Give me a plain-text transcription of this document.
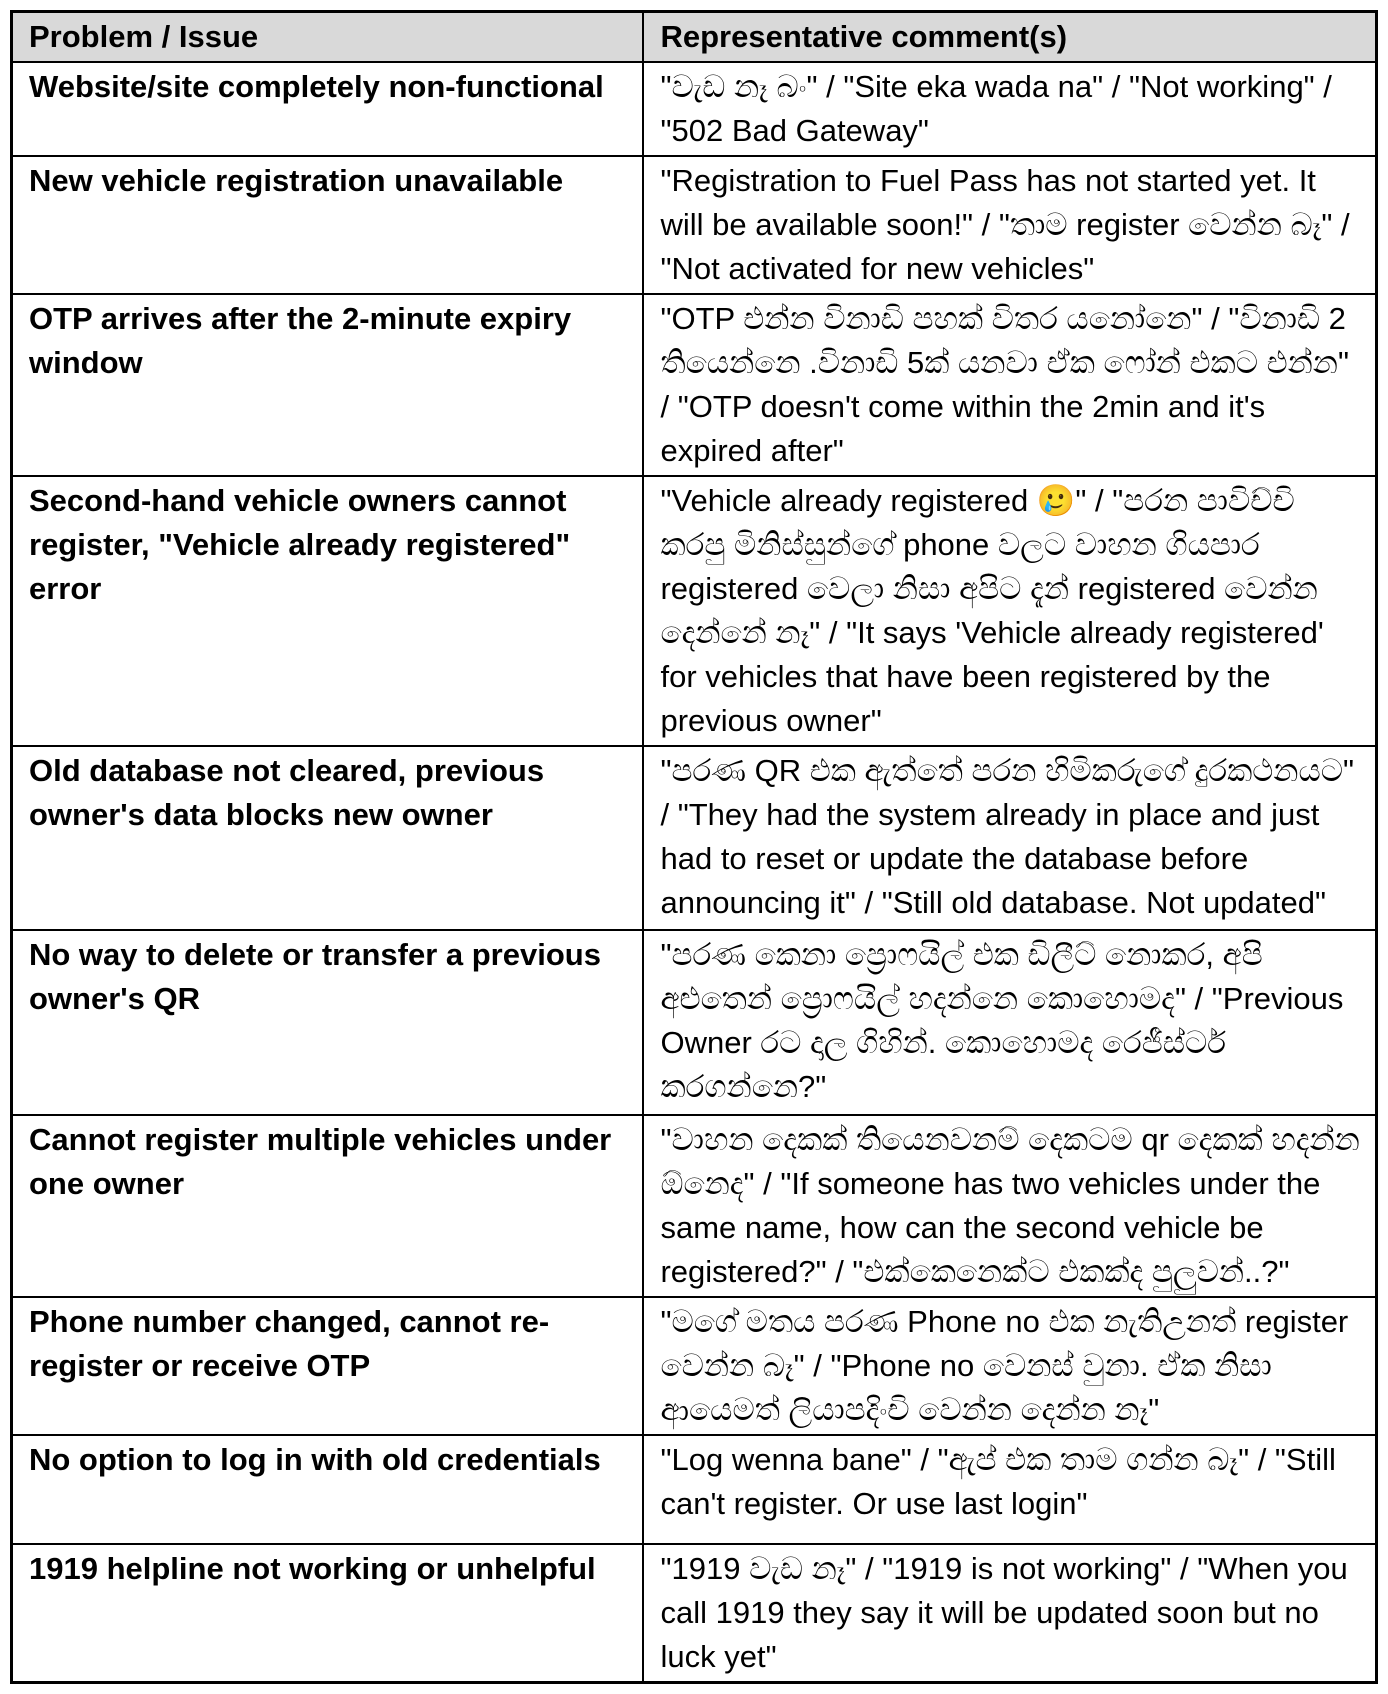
Problem / Issue	Representative comment(s)
Website/site completely non-functional	"වැඩ නෑ බං" / "Site eka wada na" / "Not working" / "502 Bad Gateway"
New vehicle registration unavailable	"Registration to Fuel Pass has not started yet. It will be available soon!" / "තාම register වෙන්න බෑ" / "Not activated for new vehicles"
OTP arrives after the 2-minute expiry window	"OTP එන්න විනාඩි පහක් විතර යනෝනෙ" / "විනාඩි 2 තියෙන්නෙ .විනාඩි 5ක් යනවා ඒක ෆෝන් එකට එන්න" / "OTP doesn't come within the 2min and it's expired after"
Second-hand vehicle owners cannot register, "Vehicle already registered" error	"Vehicle already registered 🥲" / "පරන පාවිච්චි කරපු මිනිස්සුන්ගේ phone වලට වාහන ගියපාර registered වෙලා නිසා අපිට දැන් registered වෙන්න දෙන්නේ නෑ" / "It says 'Vehicle already registered' for vehicles that have been registered by the previous owner"
Old database not cleared, previous owner's data blocks new owner	"පරණ QR එක ඇත්තේ පරන හිමිකරුගේ දුරකථනයට" / "They had the system already in place and just had to reset or update the database before announcing it" / "Still old database. Not updated"
No way to delete or transfer a previous owner's QR	"පරණ කෙනා ප්‍රොෆයිල් එක ඩිලීට් නොකර, අපි අළුතෙන් ප්‍රොෆයිල් හදන්නෙ කොහොමද" / "Previous Owner රට දාල ගිහින්. කොහොමද රෙජීස්ටර් කරගන්නෙ?"
Cannot register multiple vehicles under one owner	"වාහන දෙකක් තියෙනවනම් දෙකටම qr දෙකක් හදන්න ඕනෙද" / "If someone has two vehicles under the same name, how can the second vehicle be registered?" / "එක්කෙනෙක්ට එකක්ද පුලුවන්..?"
Phone number changed, cannot re-register or receive OTP	"මගේ මතය පරණ Phone no එක නැතිඋනත් register වෙන්න බෑ" / "Phone no වෙනස් වුනා. ඒක නිසා ආයෙමත් ලියාපදිංචි වෙන්න දෙන්න නෑ"
No option to log in with old credentials	"Log wenna bane" / "ඇප් එක තාම ගන්න බෑ" / "Still can't register. Or use last login"
1919 helpline not working or unhelpful	"1919 වැඩ නෑ" / "1919 is not working" / "When you call 1919 they say it will be updated soon but no luck yet"
